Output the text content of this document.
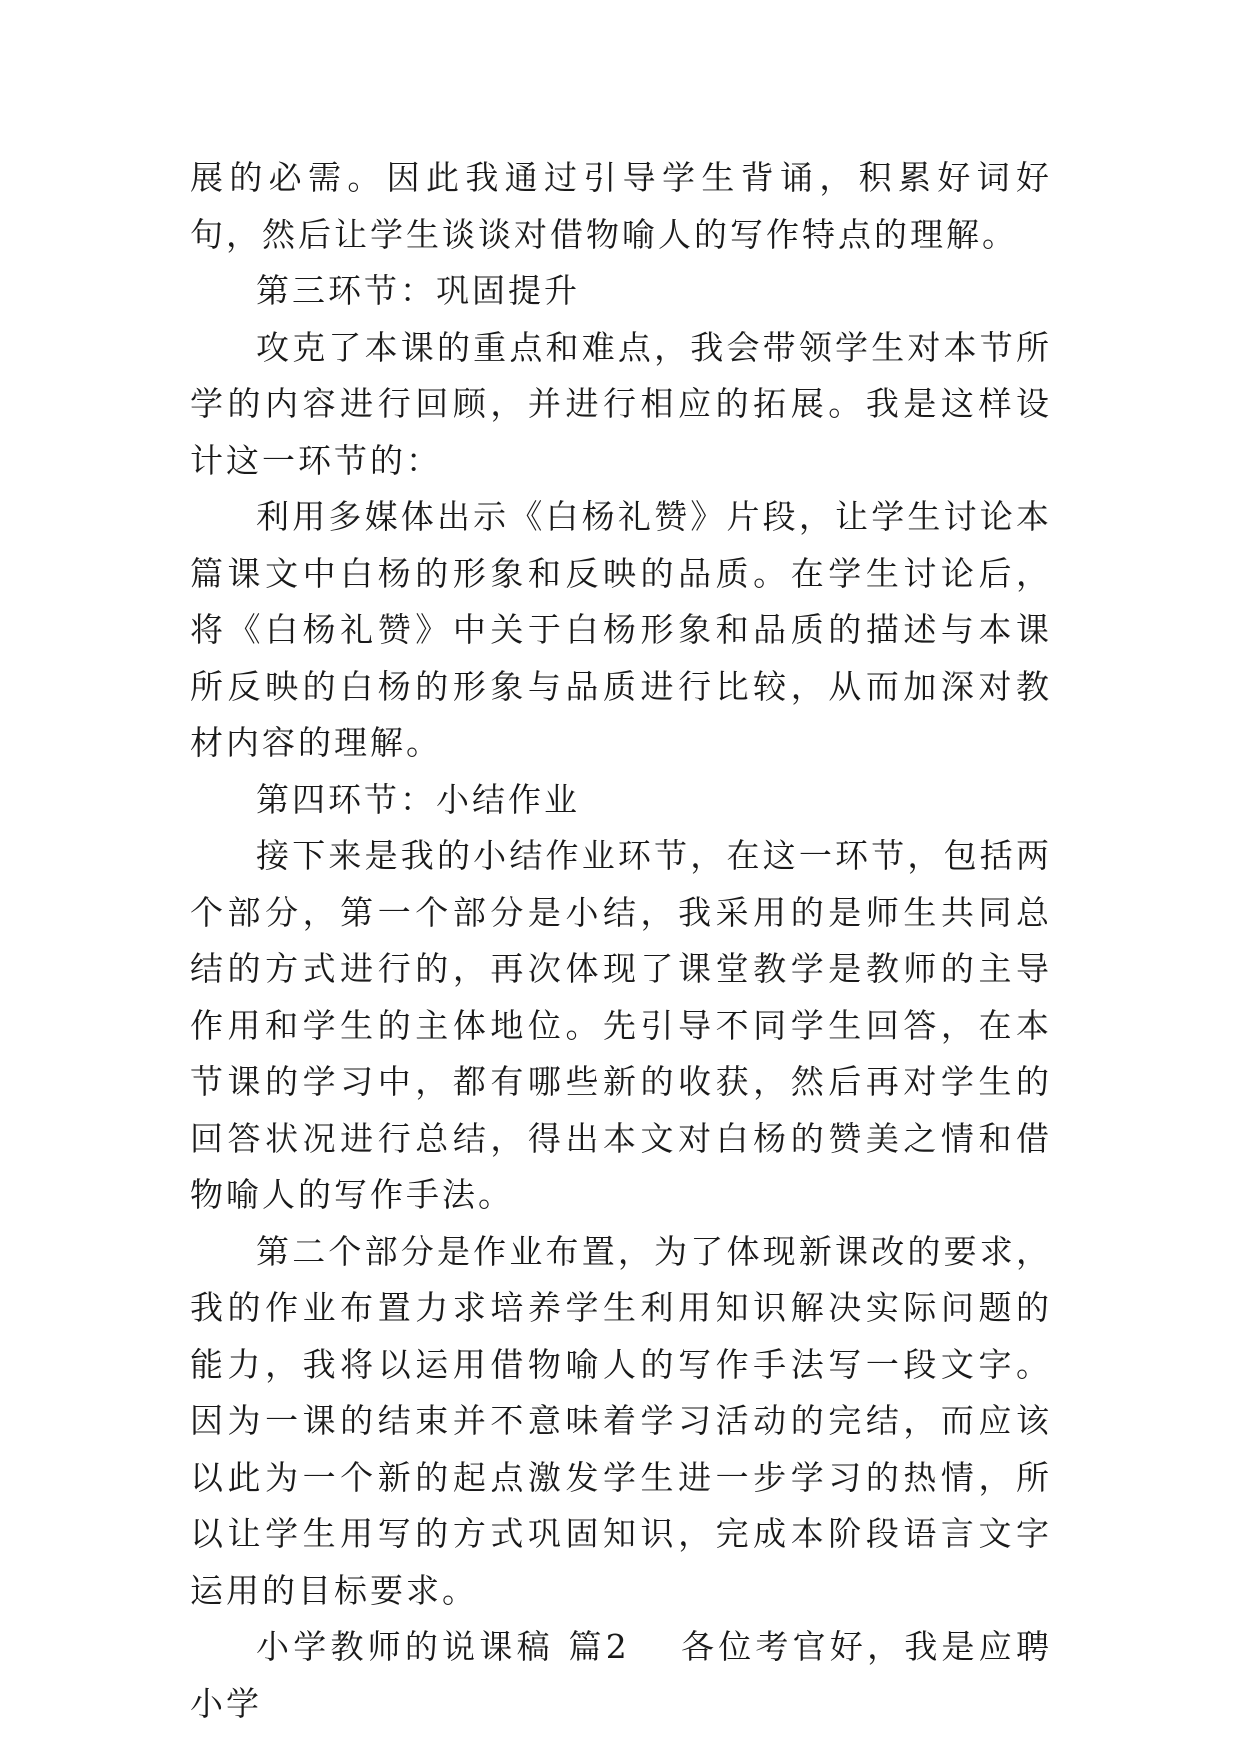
展的必需。因此我通过引导学生背诵，积累好词好句，然后让学生谈谈对借物喻人的写作特点的理解。

第三环节：巩固提升

攻克了本课的重点和难点，我会带领学生对本节所学的内容进行回顾，并进行相应的拓展。我是这样设计这一环节的：

利用多媒体出示《白杨礼赞》片段，让学生讨论本篇课文中白杨的形象和反映的品质。在学生讨论后，将《白杨礼赞》中关于白杨形象和品质的描述与本课所反映的白杨的形象与品质进行比较，从而加深对教材内容的理解。

第四环节：小结作业

接下来是我的小结作业环节，在这一环节，包括两个部分，第一个部分是小结，我采用的是师生共同总结的方式进行的，再次体现了课堂教学是教师的主导作用和学生的主体地位。先引导不同学生回答，在本节课的学习中，都有哪些新的收获，然后再对学生的回答状况进行总结，得出本文对白杨的赞美之情和借物喻人的写作手法。

第二个部分是作业布置，为了体现新课改的要求，我的作业布置力求培养学生利用知识解决实际问题的能力，我将以运用借物喻人的写作手法写一段文字。因为一课的结束并不意味着学习活动的完结，而应该以此为一个新的起点激发学生进一步学习的热情，所以让学生用写的方式巩固知识，完成本阶段语言文字运用的目标要求。

小学教师的说课稿 篇2 各位考官好，我是应聘小学
